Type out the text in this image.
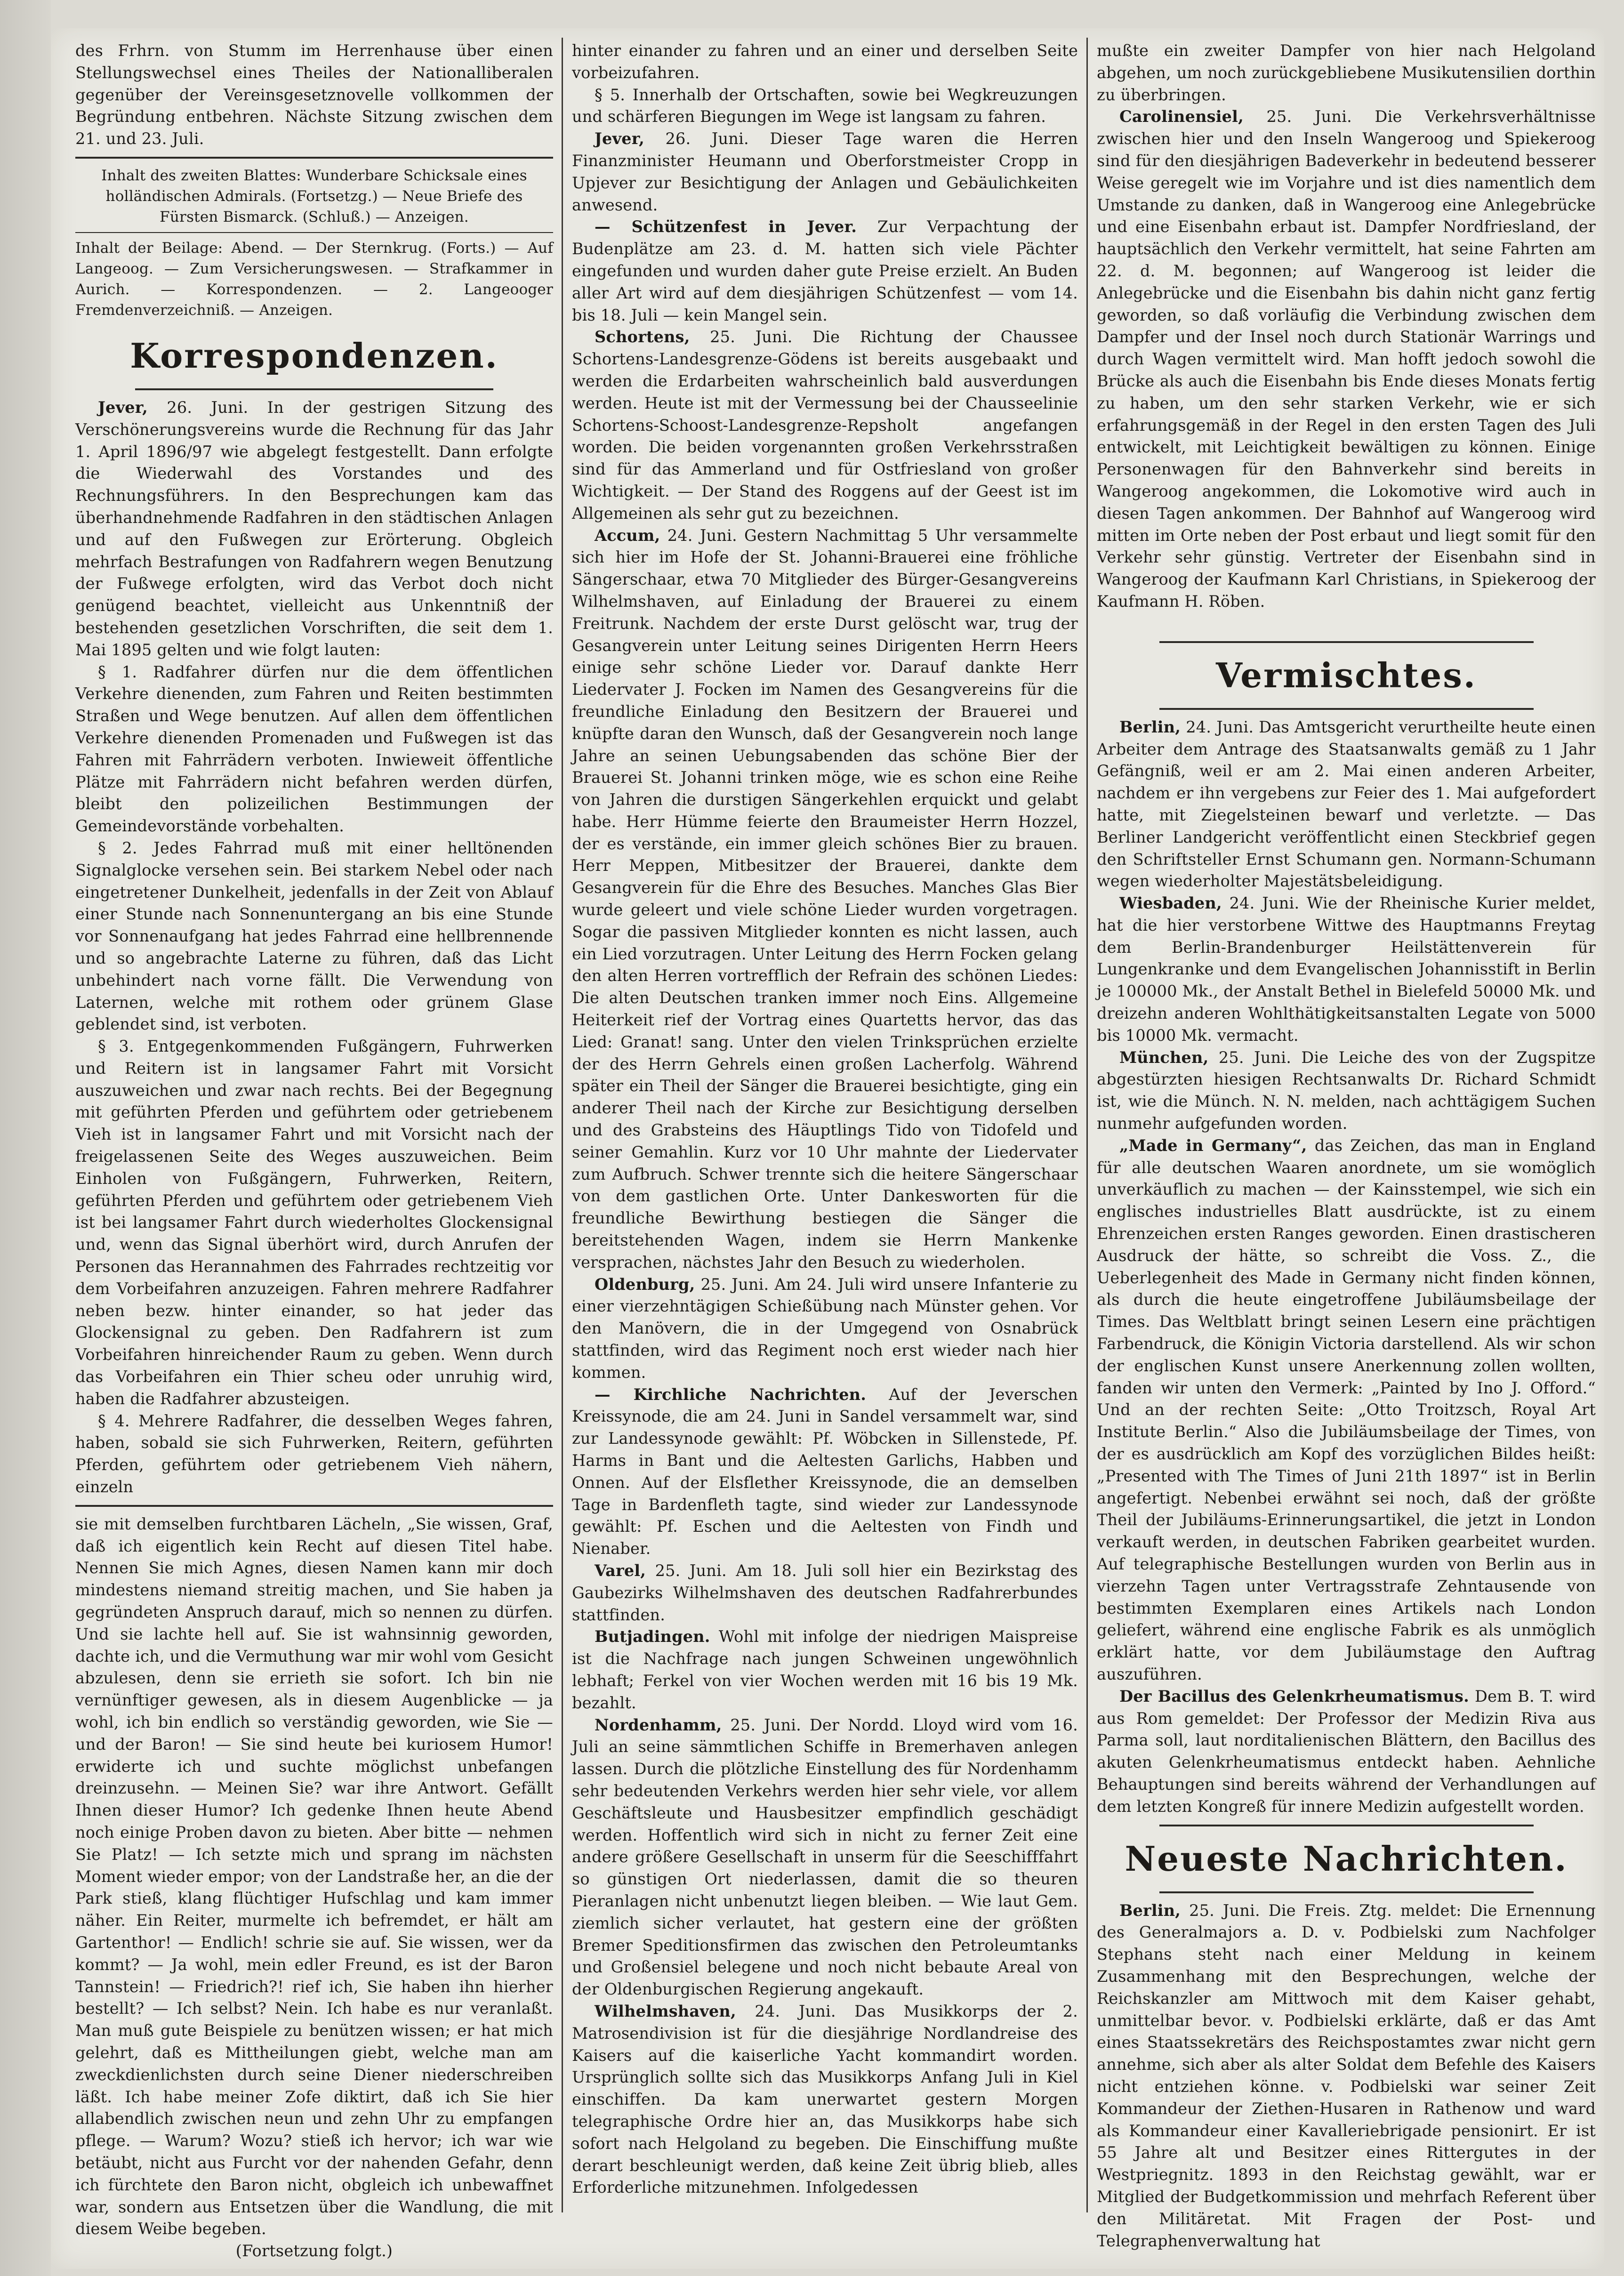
des Frhrn. von Stumm im Herrenhause über einen Stellungswechsel eines Theiles der Nationalliberalen gegenüber der Vereinsgesetznovelle vollkommen der Begründung entbehren. Nächste Sitzung zwischen dem 21. und 23. Juli.

Inhalt des zweiten Blattes: Wunderbare Schicksale eines holländischen Admirals. (Fortsetzg.) — Neue Briefe des Fürsten Bismarck. (Schluß.) — Anzeigen.

Inhalt der Beilage: Abend. — Der Sternkrug. (Forts.) — Auf Langeoog. — Zum Versicherungswesen. — Strafkammer in Aurich. — Korrespondenzen. — 2. Langeooger Fremdenverzeichniß. — Anzeigen.

Korrespondenzen.

Jever, 26. Juni. In der gestrigen Sitzung des Verschönerungsvereins wurde die Rechnung für das Jahr 1. April 1896/97 wie abgelegt festgestellt. Dann erfolgte die Wiederwahl des Vorstandes und des Rechnungsführers. In den Besprechungen kam das überhandnehmende Radfahren in den städtischen Anlagen und auf den Fußwegen zur Erörterung. Obgleich mehrfach Bestrafungen von Radfahrern wegen Benutzung der Fußwege erfolgten, wird das Verbot doch nicht genügend beachtet, vielleicht aus Unkenntniß der bestehenden gesetzlichen Vorschriften, die seit dem 1. Mai 1895 gelten und wie folgt lauten:

§ 1. Radfahrer dürfen nur die dem öffentlichen Verkehre dienenden, zum Fahren und Reiten bestimmten Straßen und Wege benutzen. Auf allen dem öffentlichen Verkehre dienenden Promenaden und Fußwegen ist das Fahren mit Fahrrädern verboten. Inwieweit öffentliche Plätze mit Fahrrädern nicht befahren werden dürfen, bleibt den polizeilichen Bestimmungen der Gemeindevorstände vorbehalten.

§ 2. Jedes Fahrrad muß mit einer helltönenden Signalglocke versehen sein. Bei starkem Nebel oder nach eingetretener Dunkelheit, jedenfalls in der Zeit von Ablauf einer Stunde nach Sonnenuntergang an bis eine Stunde vor Sonnenaufgang hat jedes Fahrrad eine hellbrennende und so angebrachte Laterne zu führen, daß das Licht unbehindert nach vorne fällt. Die Verwendung von Laternen, welche mit rothem oder grünem Glase geblendet sind, ist verboten.

§ 3. Entgegenkommenden Fußgängern, Fuhrwerken und Reitern ist in langsamer Fahrt mit Vorsicht auszuweichen und zwar nach rechts. Bei der Begegnung mit geführten Pferden und geführtem oder getriebenem Vieh ist in langsamer Fahrt und mit Vorsicht nach der freigelassenen Seite des Weges auszuweichen. Beim Einholen von Fußgängern, Fuhrwerken, Reitern, geführten Pferden und geführtem oder getriebenem Vieh ist bei langsamer Fahrt durch wiederholtes Glockensignal und, wenn das Signal überhört wird, durch Anrufen der Personen das Herannahmen des Fahrrades rechtzeitig vor dem Vorbeifahren anzuzeigen. Fahren mehrere Radfahrer neben bezw. hinter einander, so hat jeder das Glockensignal zu geben. Den Radfahrern ist zum Vorbeifahren hinreichender Raum zu geben. Wenn durch das Vorbeifahren ein Thier scheu oder unruhig wird, haben die Radfahrer abzusteigen.

§ 4. Mehrere Radfahrer, die desselben Weges fahren, haben, sobald sie sich Fuhrwerken, Reitern, geführten Pferden, geführtem oder getriebenem Vieh nähern, einzeln

sie mit demselben furchtbaren Lächeln, „Sie wissen, Graf, daß ich eigentlich kein Recht auf diesen Titel habe. Nennen Sie mich Agnes, diesen Namen kann mir doch mindestens niemand streitig machen, und Sie haben ja gegründeten Anspruch darauf, mich so nennen zu dürfen. Und sie lachte hell auf. Sie ist wahnsinnig geworden, dachte ich, und die Vermuthung war mir wohl vom Gesicht abzulesen, denn sie errieth sie sofort. Ich bin nie vernünftiger gewesen, als in diesem Augenblicke — ja wohl, ich bin endlich so verständig geworden, wie Sie — und der Baron! — Sie sind heute bei kuriosem Humor! erwiderte ich und suchte möglichst unbefangen dreinzusehn. — Meinen Sie? war ihre Antwort. Gefällt Ihnen dieser Humor? Ich gedenke Ihnen heute Abend noch einige Proben davon zu bieten. Aber bitte — nehmen Sie Platz! — Ich setzte mich und sprang im nächsten Moment wieder empor; von der Landstraße her, an die der Park stieß, klang flüchtiger Hufschlag und kam immer näher. Ein Reiter, murmelte ich befremdet, er hält am Gartenthor! — Endlich! schrie sie auf. Sie wissen, wer da kommt? — Ja wohl, mein edler Freund, es ist der Baron Tannstein! — Friedrich?! rief ich, Sie haben ihn hierher bestellt? — Ich selbst? Nein. Ich habe es nur veranlaßt. Man muß gute Beispiele zu benützen wissen; er hat mich gelehrt, daß es Mittheilungen giebt, welche man am zweckdienlichsten durch seine Diener niederschreiben läßt. Ich habe meiner Zofe diktirt, daß ich Sie hier allabendlich zwischen neun und zehn Uhr zu empfangen pflege. — Warum? Wozu? stieß ich hervor; ich war wie betäubt, nicht aus Furcht vor der nahenden Gefahr, denn ich fürchtete den Baron nicht, obgleich ich unbewaffnet war, sondern aus Entsetzen über die Wandlung, die mit diesem Weibe begeben.

(Fortsetzung folgt.)

hinter einander zu fahren und an einer und derselben Seite vorbeizufahren.

§ 5. Innerhalb der Ortschaften, sowie bei Wegkreuzungen und schärferen Biegungen im Wege ist langsam zu fahren.

Jever, 26. Juni. Dieser Tage waren die Herren Finanzminister Heumann und Oberforstmeister Cropp in Upjever zur Besichtigung der Anlagen und Gebäulichkeiten anwesend.

— Schützenfest in Jever. Zur Verpachtung der Budenplätze am 23. d. M. hatten sich viele Pächter eingefunden und wurden daher gute Preise erzielt. An Buden aller Art wird auf dem diesjährigen Schützenfest — vom 14. bis 18. Juli — kein Mangel sein.

Schortens, 25. Juni. Die Richtung der Chaussee Schortens-Landesgrenze-Gödens ist bereits ausgebaakt und werden die Erdarbeiten wahrscheinlich bald ausverdungen werden. Heute ist mit der Vermessung bei der Chausseelinie Schortens-Schoost-Landesgrenze-Repsholt angefangen worden. Die beiden vorgenannten großen Verkehrsstraßen sind für das Ammerland und für Ostfriesland von großer Wichtigkeit. — Der Stand des Roggens auf der Geest ist im Allgemeinen als sehr gut zu bezeichnen.

Accum, 24. Juni. Gestern Nachmittag 5 Uhr versammelte sich hier im Hofe der St. Johanni-Brauerei eine fröhliche Sängerschaar, etwa 70 Mitglieder des Bürger-Gesangvereins Wilhelmshaven, auf Einladung der Brauerei zu einem Freitrunk. Nachdem der erste Durst gelöscht war, trug der Gesangverein unter Leitung seines Dirigenten Herrn Heers einige sehr schöne Lieder vor. Darauf dankte Herr Liedervater J. Focken im Namen des Gesangvereins für die freundliche Einladung den Besitzern der Brauerei und knüpfte daran den Wunsch, daß der Gesangverein noch lange Jahre an seinen Uebungsabenden das schöne Bier der Brauerei St. Johanni trinken möge, wie es schon eine Reihe von Jahren die durstigen Sängerkehlen erquickt und gelabt habe. Herr Hümme feierte den Braumeister Herrn Hozzel, der es verstände, ein immer gleich schönes Bier zu brauen. Herr Meppen, Mitbesitzer der Brauerei, dankte dem Gesangverein für die Ehre des Besuches. Manches Glas Bier wurde geleert und viele schöne Lieder wurden vorgetragen. Sogar die passiven Mitglieder konnten es nicht lassen, auch ein Lied vorzutragen. Unter Leitung des Herrn Focken gelang den alten Herren vortrefflich der Refrain des schönen Liedes: Die alten Deutschen tranken immer noch Eins. Allgemeine Heiterkeit rief der Vortrag eines Quartetts hervor, das das Lied: Granat! sang. Unter den vielen Trinksprüchen erzielte der des Herrn Gehrels einen großen Lacherfolg. Während später ein Theil der Sänger die Brauerei besichtigte, ging ein anderer Theil nach der Kirche zur Besichtigung derselben und des Grabsteins des Häuptlings Tido von Tidofeld und seiner Gemahlin. Kurz vor 10 Uhr mahnte der Liedervater zum Aufbruch. Schwer trennte sich die heitere Sängerschaar von dem gastlichen Orte. Unter Dankesworten für die freundliche Bewirthung bestiegen die Sänger die bereitstehenden Wagen, indem sie Herrn Mankenke versprachen, nächstes Jahr den Besuch zu wiederholen.

Oldenburg, 25. Juni. Am 24. Juli wird unsere Infanterie zu einer vierzehntägigen Schießübung nach Münster gehen. Vor den Manövern, die in der Umgegend von Osnabrück stattfinden, wird das Regiment noch erst wieder nach hier kommen.

— Kirchliche Nachrichten. Auf der Jeverschen Kreissynode, die am 24. Juni in Sandel versammelt war, sind zur Landessynode gewählt: Pf. Wöbcken in Sillenstede, Pf. Harms in Bant und die Aeltesten Garlichs, Habben und Onnen. Auf der Elsflether Kreissynode, die an demselben Tage in Bardenfleth tagte, sind wieder zur Landessynode gewählt: Pf. Eschen und die Aeltesten von Findh und Nienaber.

Varel, 25. Juni. Am 18. Juli soll hier ein Bezirkstag des Gaubezirks Wilhelmshaven des deutschen Radfahrerbundes stattfinden.

Butjadingen. Wohl mit infolge der niedrigen Maispreise ist die Nachfrage nach jungen Schweinen ungewöhnlich lebhaft; Ferkel von vier Wochen werden mit 16 bis 19 Mk. bezahlt.

Nordenhamm, 25. Juni. Der Nordd. Lloyd wird vom 16. Juli an seine sämmtlichen Schiffe in Bremerhaven anlegen lassen. Durch die plötzliche Einstellung des für Nordenhamm sehr bedeutenden Verkehrs werden hier sehr viele, vor allem Geschäftsleute und Hausbesitzer empfindlich geschädigt werden. Hoffentlich wird sich in nicht zu ferner Zeit eine andere größere Gesellschaft in unserm für die Seeschifffahrt so günstigen Ort niederlassen, damit die so theuren Pieranlagen nicht unbenutzt liegen bleiben. — Wie laut Gem. ziemlich sicher verlautet, hat gestern eine der größten Bremer Speditionsfirmen das zwischen den Petroleumtanks und Großensiel belegene und noch nicht bebaute Areal von der Oldenburgischen Regierung angekauft.

Wilhelmshaven, 24. Juni. Das Musikkorps der 2. Matrosendivision ist für die diesjährige Nordlandreise des Kaisers auf die kaiserliche Yacht kommandirt worden. Ursprünglich sollte sich das Musikkorps Anfang Juli in Kiel einschiffen. Da kam unerwartet gestern Morgen telegraphische Ordre hier an, das Musikkorps habe sich sofort nach Helgoland zu begeben. Die Einschiffung mußte derart beschleunigt werden, daß keine Zeit übrig blieb, alles Erforderliche mitzunehmen. Infolgedessen

mußte ein zweiter Dampfer von hier nach Helgoland abgehen, um noch zurückgebliebene Musikutensilien dorthin zu überbringen.

Carolinensiel, 25. Juni. Die Verkehrsverhältnisse zwischen hier und den Inseln Wangeroog und Spiekeroog sind für den diesjährigen Badeverkehr in bedeutend besserer Weise geregelt wie im Vorjahre und ist dies namentlich dem Umstande zu danken, daß in Wangeroog eine Anlegebrücke und eine Eisenbahn erbaut ist. Dampfer Nordfriesland, der hauptsächlich den Verkehr vermittelt, hat seine Fahrten am 22. d. M. begonnen; auf Wangeroog ist leider die Anlegebrücke und die Eisenbahn bis dahin nicht ganz fertig geworden, so daß vorläufig die Verbindung zwischen dem Dampfer und der Insel noch durch Stationär Warrings und durch Wagen vermittelt wird. Man hofft jedoch sowohl die Brücke als auch die Eisenbahn bis Ende dieses Monats fertig zu haben, um den sehr starken Verkehr, wie er sich erfahrungsgemäß in der Regel in den ersten Tagen des Juli entwickelt, mit Leichtigkeit bewältigen zu können. Einige Personenwagen für den Bahnverkehr sind bereits in Wangeroog angekommen, die Lokomotive wird auch in diesen Tagen ankommen. Der Bahnhof auf Wangeroog wird mitten im Orte neben der Post erbaut und liegt somit für den Verkehr sehr günstig. Vertreter der Eisenbahn sind in Wangeroog der Kaufmann Karl Christians, in Spiekeroog der Kaufmann H. Röben.

Vermischtes.

Berlin, 24. Juni. Das Amtsgericht verurtheilte heute einen Arbeiter dem Antrage des Staatsanwalts gemäß zu 1 Jahr Gefängniß, weil er am 2. Mai einen anderen Arbeiter, nachdem er ihn vergebens zur Feier des 1. Mai aufgefordert hatte, mit Ziegelsteinen bewarf und verletzte. — Das Berliner Landgericht veröffentlicht einen Steckbrief gegen den Schriftsteller Ernst Schumann gen. Normann-Schumann wegen wiederholter Majestätsbeleidigung.

Wiesbaden, 24. Juni. Wie der Rheinische Kurier meldet, hat die hier verstorbene Wittwe des Hauptmanns Freytag dem Berlin-Brandenburger Heilstättenverein für Lungenkranke und dem Evangelischen Johannisstift in Berlin je 100000 Mk., der Anstalt Bethel in Bielefeld 50000 Mk. und dreizehn anderen Wohlthätigkeitsanstalten Legate von 5000 bis 10000 Mk. vermacht.

München, 25. Juni. Die Leiche des von der Zugspitze abgestürzten hiesigen Rechtsanwalts Dr. Richard Schmidt ist, wie die Münch. N. N. melden, nach achttägigem Suchen nunmehr aufgefunden worden.

„Made in Germany“, das Zeichen, das man in England für alle deutschen Waaren anordnete, um sie womöglich unverkäuflich zu machen — der Kainsstempel, wie sich ein englisches industrielles Blatt ausdrückte, ist zu einem Ehrenzeichen ersten Ranges geworden. Einen drastischeren Ausdruck der hätte, so schreibt die Voss. Z., die Ueberlegenheit des Made in Germany nicht finden können, als durch die heute eingetroffene Jubiläumsbeilage der Times. Das Weltblatt bringt seinen Lesern eine prächtigen Farbendruck, die Königin Victoria darstellend. Als wir schon der englischen Kunst unsere Anerkennung zollen wollten, fanden wir unten den Vermerk: „Painted by Ino J. Offord.“ Und an der rechten Seite: „Otto Troitzsch, Royal Art Institute Berlin.“ Also die Jubiläumsbeilage der Times, von der es ausdrücklich am Kopf des vorzüglichen Bildes heißt: „Presented with The Times of Juni 21th 1897“ ist in Berlin angefertigt. Nebenbei erwähnt sei noch, daß der größte Theil der Jubiläums-Erinnerungsartikel, die jetzt in London verkauft werden, in deutschen Fabriken gearbeitet wurden. Auf telegraphische Bestellungen wurden von Berlin aus in vierzehn Tagen unter Vertragsstrafe Zehntausende von bestimmten Exemplaren eines Artikels nach London geliefert, während eine englische Fabrik es als unmöglich erklärt hatte, vor dem Jubiläumstage den Auftrag auszuführen.

Der Bacillus des Gelenkrheumatismus. Dem B. T. wird aus Rom gemeldet: Der Professor der Medizin Riva aus Parma soll, laut norditalienischen Blättern, den Bacillus des akuten Gelenkrheumatismus entdeckt haben. Aehnliche Behauptungen sind bereits während der Verhandlungen auf dem letzten Kongreß für innere Medizin aufgestellt worden.

Neueste Nachrichten.

Berlin, 25. Juni. Die Freis. Ztg. meldet: Die Ernennung des Generalmajors a. D. v. Podbielski zum Nachfolger Stephans steht nach einer Meldung in keinem Zusammenhang mit den Besprechungen, welche der Reichskanzler am Mittwoch mit dem Kaiser gehabt, unmittelbar bevor. v. Podbielski erklärte, daß er das Amt eines Staatssekretärs des Reichspostamtes zwar nicht gern annehme, sich aber als alter Soldat dem Befehle des Kaisers nicht entziehen könne. v. Podbielski war seiner Zeit Kommandeur der Ziethen-Husaren in Rathenow und ward als Kommandeur einer Kavalleriebrigade pensionirt. Er ist 55 Jahre alt und Besitzer eines Rittergutes in der Westpriegnitz. 1893 in den Reichstag gewählt, war er Mitglied der Budgetkommission und mehrfach Referent über den Militäretat. Mit Fragen der Post- und Telegraphenverwaltung hat
